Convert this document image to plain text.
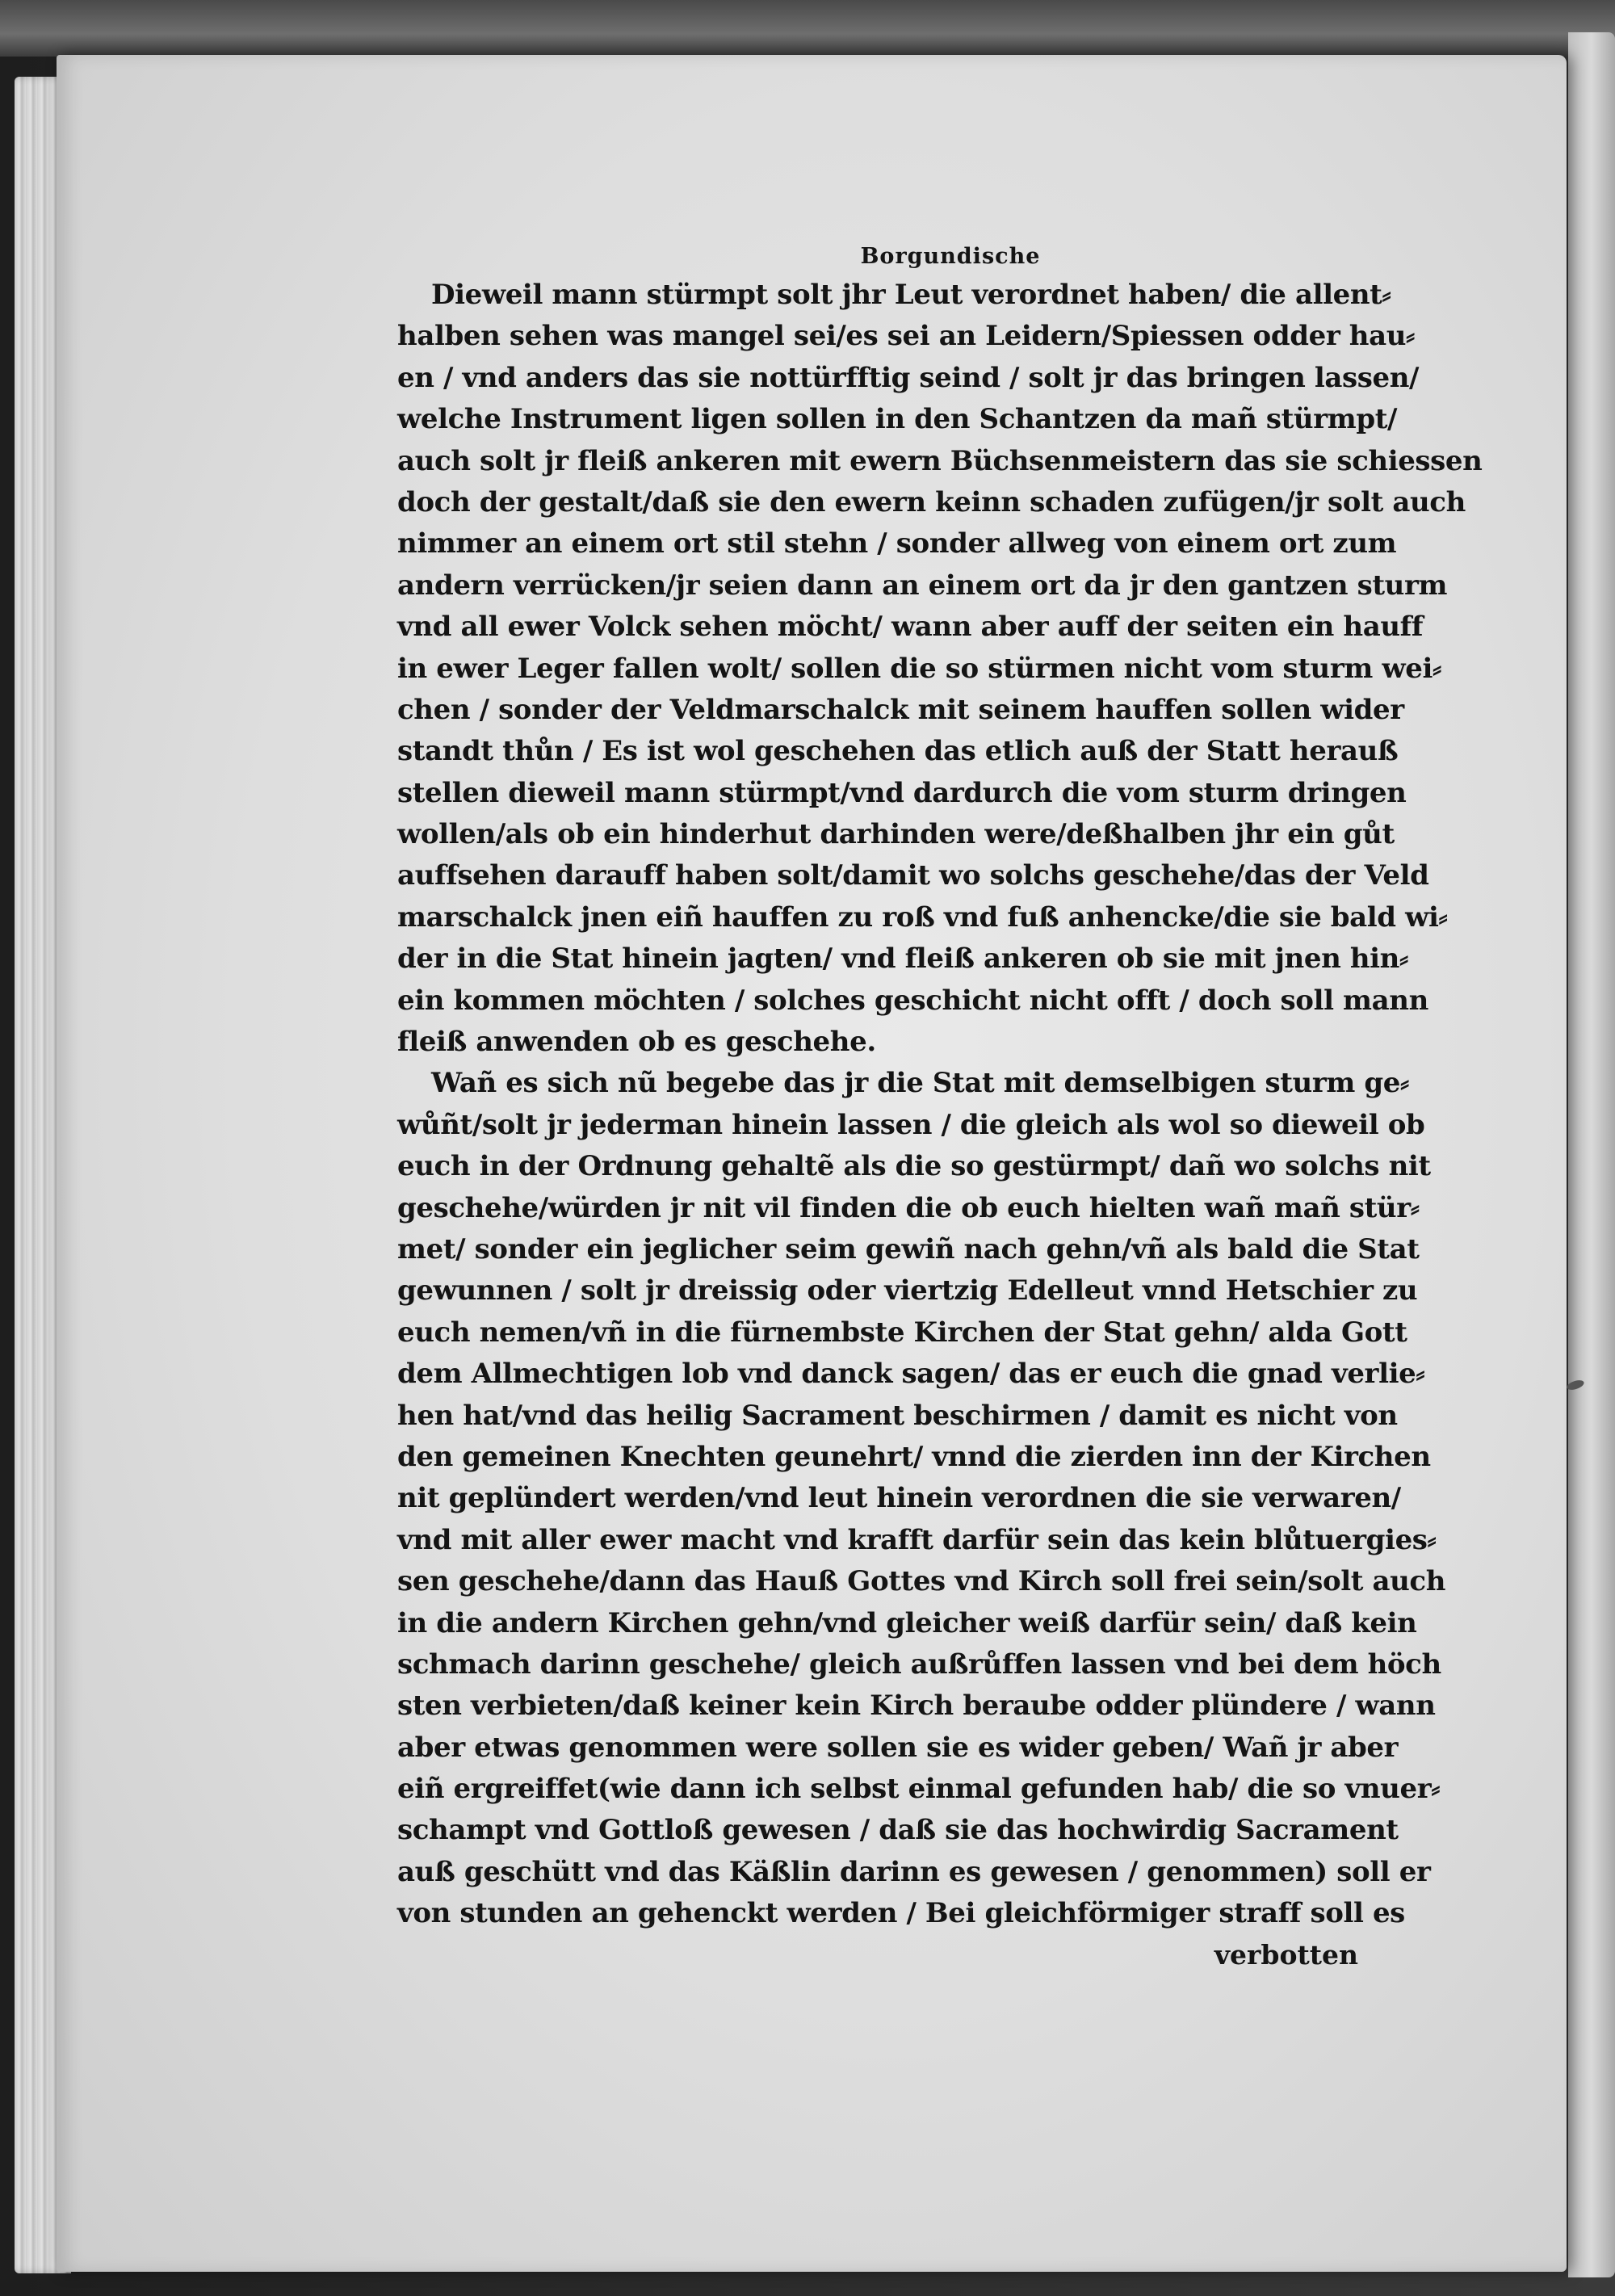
Borgundische
Dieweil mann stürmpt solt jhr Leut verordnet haben/ die allent⸗
halben sehen was mangel sei/es sei an Leidern/Spiessen odder hau⸗
en / vnd anders das sie nottürfftig seind / solt jr das bringen lassen/
welche Instrument ligen sollen in den Schantzen da mañ stürmpt/
auch solt jr fleiß ankeren mit ewern Büchsenmeistern das sie schiessen
doch der gestalt/daß sie den ewern keinn schaden zufügen/jr solt auch
nimmer an einem ort stil stehn / sonder allweg von einem ort zum
andern verrücken/jr seien dann an einem ort da jr den gantzen sturm
vnd all ewer Volck sehen möcht/ wann aber auff der seiten ein hauff
in ewer Leger fallen wolt/ sollen die so stürmen nicht vom sturm wei⸗
chen / sonder der Veldmarschalck mit seinem hauffen sollen wider
standt thůn / Es ist wol geschehen das etlich auß der Statt herauß
stellen dieweil mann stürmpt/vnd dardurch die vom sturm dringen
wollen/als ob ein hinderhut darhinden were/deßhalben jhr ein gůt
auffsehen darauff haben solt/damit wo solchs geschehe/das der Veld
marschalck jnen eiñ hauffen zu roß vnd fuß anhencke/die sie bald wi⸗
der in die Stat hinein jagten/ vnd fleiß ankeren ob sie mit jnen hin⸗
ein kommen möchten / solches geschicht nicht offt / doch soll mann
fleiß anwenden ob es geschehe.
Wañ es sich nũ begebe das jr die Stat mit demselbigen sturm ge⸗
wůñt/solt jr jederman hinein lassen / die gleich als wol so dieweil ob
euch in der Ordnung gehaltẽ als die so gestürmpt/ dañ wo solchs nit
geschehe/würden jr nit vil finden die ob euch hielten wañ mañ stür⸗
met/ sonder ein jeglicher seim gewiñ nach gehn/vñ als bald die Stat
gewunnen / solt jr dreissig oder viertzig Edelleut vnnd Hetschier zu
euch nemen/vñ in die fürnembste Kirchen der Stat gehn/ alda Gott
dem Allmechtigen lob vnd danck sagen/ das er euch die gnad verlie⸗
hen hat/vnd das heilig Sacrament beschirmen / damit es nicht von
den gemeinen Knechten geunehrt/ vnnd die zierden inn der Kirchen
nit geplündert werden/vnd leut hinein verordnen die sie verwaren/
vnd mit aller ewer macht vnd krafft darfür sein das kein blůtuergies⸗
sen geschehe/dann das Hauß Gottes vnd Kirch soll frei sein/solt auch
in die andern Kirchen gehn/vnd gleicher weiß darfür sein/ daß kein
schmach darinn geschehe/ gleich außrůffen lassen vnd bei dem höch
sten verbieten/daß keiner kein Kirch beraube odder plündere / wann
aber etwas genommen were sollen sie es wider geben/ Wañ jr aber
eiñ ergreiffet(wie dann ich selbst einmal gefunden hab/ die so vnuer⸗
schampt vnd Gottloß gewesen / daß sie das hochwirdig Sacrament
auß geschütt vnd das Käßlin darinn es gewesen / genommen) soll er
von stunden an gehenckt werden / Bei gleichförmiger straff soll es
verbotten
